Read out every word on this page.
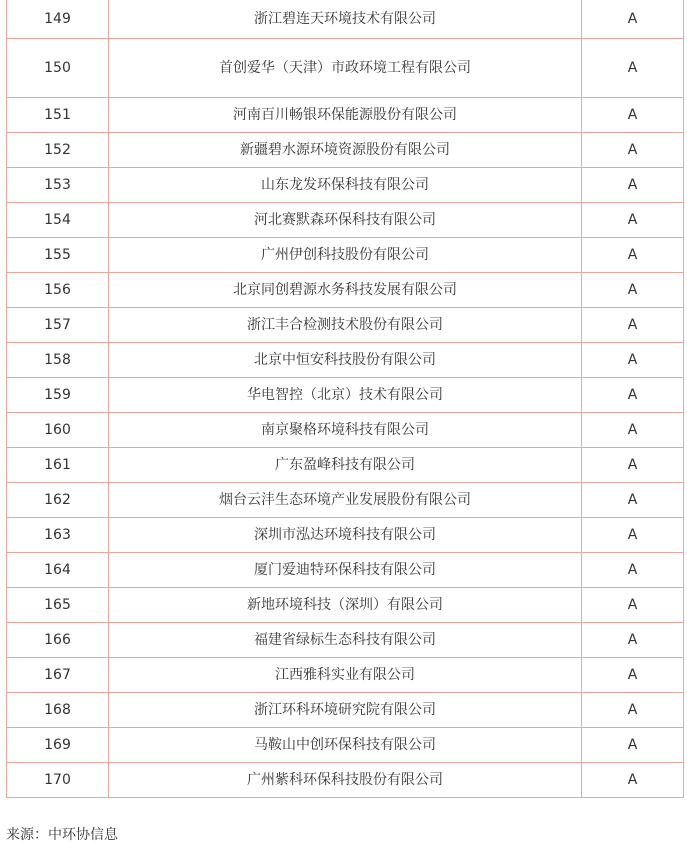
149	浙江碧连天环境技术有限公司	A
150	首创爱华（天津）市政环境工程有限公司	A
151	河南百川畅银环保能源股份有限公司	A
152	新疆碧水源环境资源股份有限公司	A
153	山东龙发环保科技有限公司	A
154	河北赛默森环保科技有限公司	A
155	广州伊创科技股份有限公司	A
156	北京同创碧源水务科技发展有限公司	A
157	浙江丰合检测技术股份有限公司	A
158	北京中恒安科技股份有限公司	A
159	华电智控（北京）技术有限公司	A
160	南京聚格环境科技有限公司	A
161	广东盈峰科技有限公司	A
162	烟台云沣生态环境产业发展股份有限公司	A
163	深圳市泓达环境科技有限公司	A
164	厦门爱迪特环保科技有限公司	A
165	新地环境科技（深圳）有限公司	A
166	福建省绿标生态科技有限公司	A
167	江西雅科实业有限公司	A
168	浙江环科环境研究院有限公司	A
169	马鞍山中创环保科技有限公司	A
170	广州紫科环保科技股份有限公司	A
来源：中环协信息
